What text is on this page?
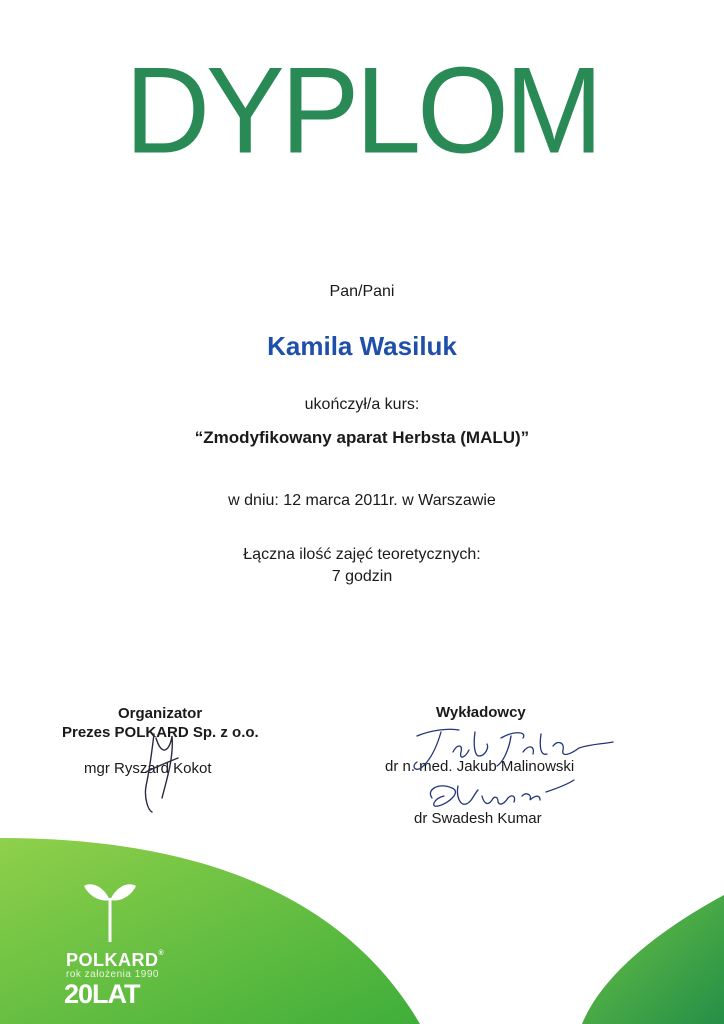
DYPLOM
Pan/Pani
Kamila Wasiluk
ukończył/a kurs:
“Zmodyfikowany aparat Herbsta (MALU)”
w dniu: 12 marca 2011r. w Warszawie
Łączna ilość zajęć teoretycznych:
7 godzin
Organizator
Prezes POLKARD Sp. z o.o.
mgr Ryszard Kokot
Wykładowcy
dr n. med. Jakub Malinowski
dr Swadesh Kumar
POLKARD®
rok założenia 1990
20LAT
